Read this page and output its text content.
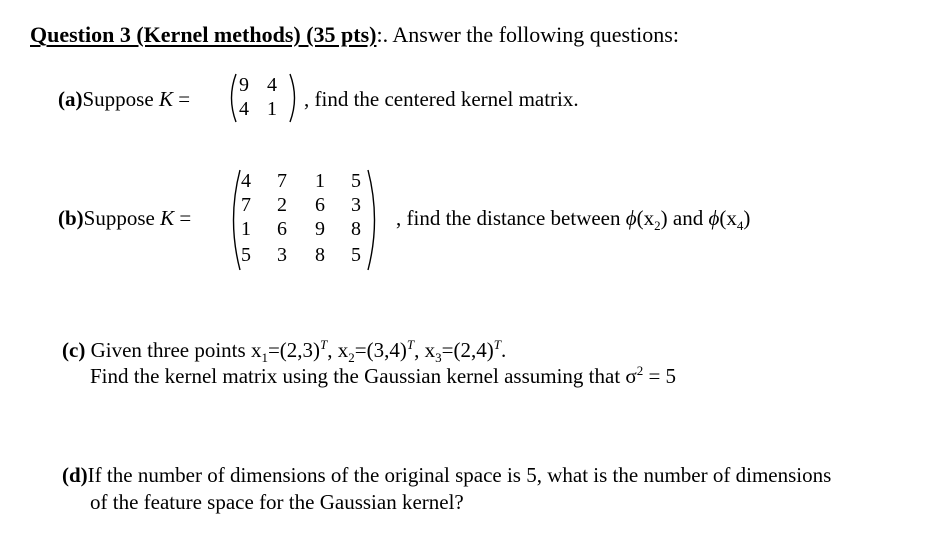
Question 3 (Kernel methods) (35 pts):. Answer the following questions:
(a)Suppose K =
9 4
4 1	, find the centered kernel matrix.
(b)Suppose K =
4	7	1	5
7	2	6	3
1	6	9	8
5	3	8	5
, find the distance between $\phi(x_2)$ and $\phi(x_4)$
(c) Given three points $x_1=(2,3)^T$, $x_2=(3,4)^T$, $x_3=(2,4)^T$.
Find the kernel matrix using the Gaussian kernel assuming that $\sigma^2 = 5$
(d)If the number of dimensions of the original space is 5, what is the number of dimensions
of the feature space for the Gaussian kernel?
